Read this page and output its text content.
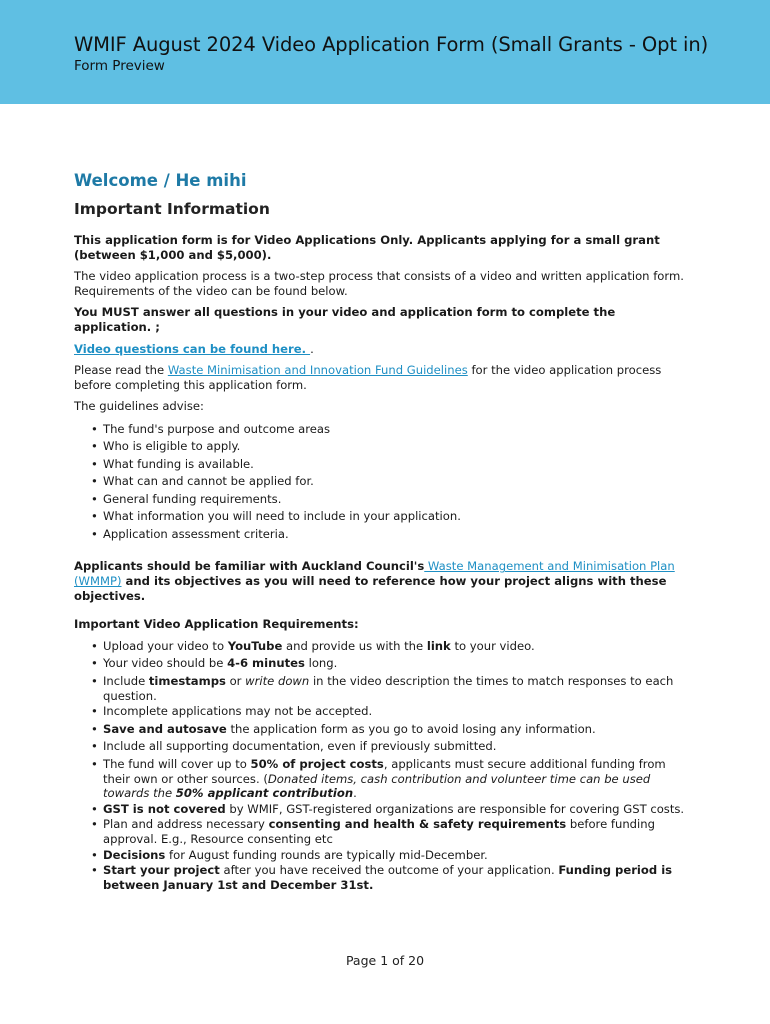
WMIF August 2024 Video Application Form (Small Grants - Opt in)
Form Preview
Welcome / He mihi
Important Information

This application form is for Video Applications Only. Applicants applying for a small grant (between $1,000 and $5,000).

The video application process is a two-step process that consists of a video and written application form. Requirements of the video can be found below.

You MUST answer all questions in your video and application form to complete the application. ;

Video questions can be found here. .

Please read the Waste Minimisation and Innovation Fund Guidelines for the video application process before completing this application form.

The guidelines advise:

• The fund's purpose and outcome areas
• Who is eligible to apply.
• What funding is available.
• What can and cannot be applied for.
• General funding requirements.
• What information you will need to include in your application.
• Application assessment criteria.

Applicants should be familiar with Auckland Council's Waste Management and Minimisation Plan (WMMP) and its objectives as you will need to reference how your project aligns with these objectives.

Important Video Application Requirements:

• Upload your video to YouTube and provide us with the link to your video.
• Your video should be 4-6 minutes long.
• Include timestamps or write down in the video description the times to match responses to each question.
• Incomplete applications may not be accepted.
• Save and autosave the application form as you go to avoid losing any information.
• Include all supporting documentation, even if previously submitted.
• The fund will cover up to 50% of project costs, applicants must secure additional funding from their own or other sources. (Donated items, cash contribution and volunteer time can be used towards the 50% applicant contribution.
• GST is not covered by WMIF, GST-registered organizations are responsible for covering GST costs.
• Plan and address necessary consenting and health & safety requirements before funding approval. E.g., Resource consenting etc
• Decisions for August funding rounds are typically mid-December.
• Start your project after you have received the outcome of your application. Funding period is between January 1st and December 31st.
Page 1 of 20
